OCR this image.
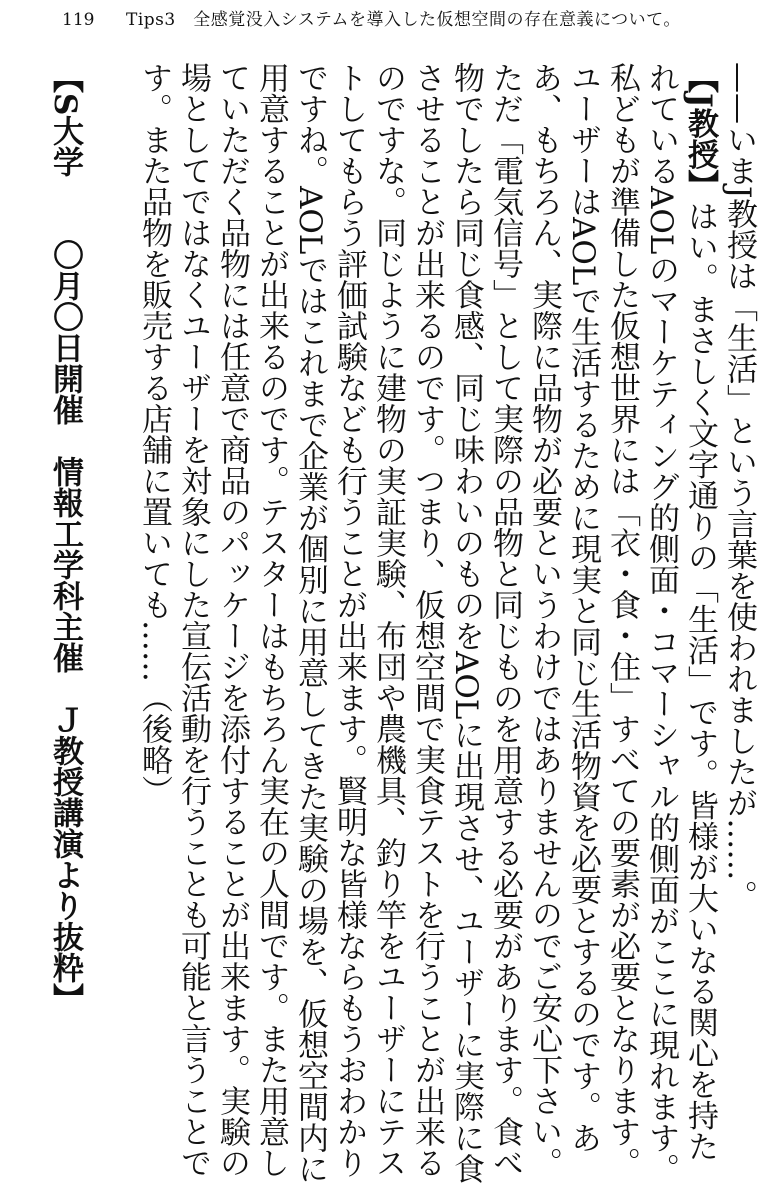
119 Tips3　全感覚没入システムを導入した仮想空間の存在意義について。

——いまJ教授は「生活」という言葉を使われましたが……。

【J教授】はい。まさしく文字通りの「生活」です。皆様が大いなる関心を持たれているAOLのマーケティング的側面・コマーシャル的側面がここに現れます。私どもが準備した仮想世界には「衣・食・住」すべての要素が必要となります。ユーザーはAOLで生活するために現実と同じ生活物資を必要とするのです。ああ、もちろん、実際に品物が必要というわけではありませんのでご安心下さい。ただ「電気信号」として実際の品物と同じものを用意する必要があります。食べ物でしたら同じ食感、同じ味わいのものをAOLに出現させ、ユーザーに実際に食させることが出来るのです。つまり、仮想空間で実食テストを行うことが出来るのですな。同じように建物の実証実験、布団や農機具、釣り竿をユーザーにテストしてもらう評価試験なども行うことが出来ます。賢明な皆様ならもうおわかりですね。AOLではこれまで企業が個別に用意してきた実験の場を、仮想空間内に用意することが出来るのです。テスターはもちろん実在の人間です。また用意していただく品物には任意で商品のパッケージを添付することが出来ます。実験の場としてではなくユーザーを対象にした宣伝活動を行うことも可能と言うことです。また品物を販売する店舗に置いても……（後略）

【S大学　　〇月〇日開催　情報工学科主催　Ｊ教授講演より抜粋】
